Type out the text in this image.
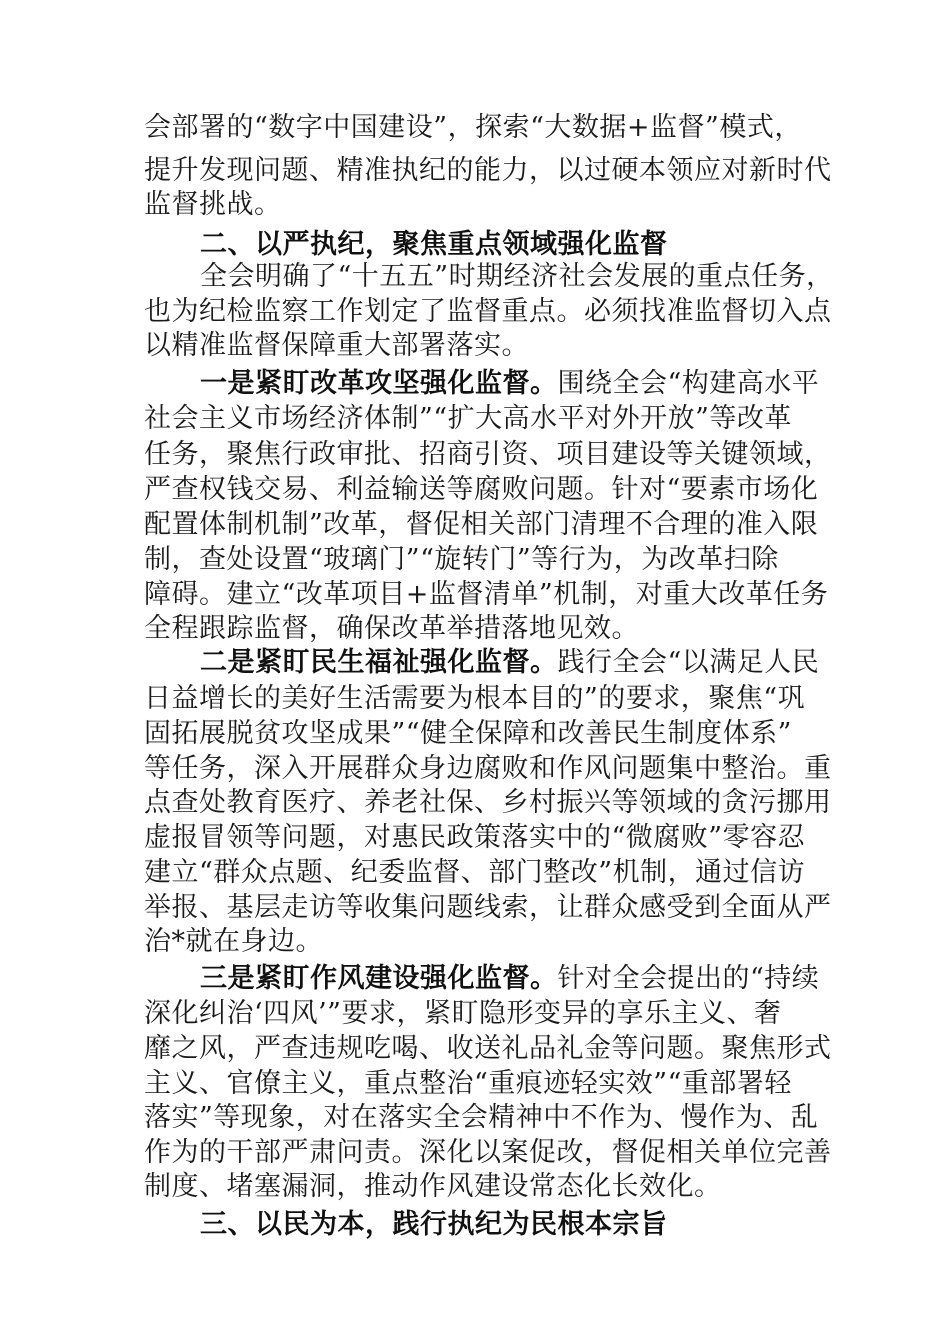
会部署的“数字中国建设”，探索“大数据+监督”模式，
提升发现问题、精准执纪的能力，以过硬本领应对新时代
监督挑战。
二、以严执纪，聚焦重点领域强化监督
全会明确了“十五五”时期经济社会发展的重点任务，
也为纪检监察工作划定了监督重点。必须找准监督切入点
以精准监督保障重大部署落实。
一是紧盯改革攻坚强化监督。围绕全会“构建高水平
社会主义市场经济体制”“扩大高水平对外开放”等改革
任务，聚焦行政审批、招商引资、项目建设等关键领域，
严查权钱交易、利益输送等腐败问题。针对“要素市场化
配置体制机制”改革，督促相关部门清理不合理的准入限
制，查处设置“玻璃门”“旋转门”等行为，为改革扫除
障碍。建立“改革项目+监督清单”机制，对重大改革任务
全程跟踪监督，确保改革举措落地见效。
二是紧盯民生福祉强化监督。践行全会“以满足人民
日益增长的美好生活需要为根本目的”的要求，聚焦“巩
固拓展脱贫攻坚成果”“健全保障和改善民生制度体系”
等任务，深入开展群众身边腐败和作风问题集中整治。重
点查处教育医疗、养老社保、乡村振兴等领域的贪污挪用
虚报冒领等问题，对惠民政策落实中的“微腐败”零容忍
建立“群众点题、纪委监督、部门整改”机制，通过信访
举报、基层走访等收集问题线索，让群众感受到全面从严
治*就在身边。
三是紧盯作风建设强化监督。针对全会提出的“持续
深化纠治‘四风’”要求，紧盯隐形变异的享乐主义、奢
靡之风，严查违规吃喝、收送礼品礼金等问题。聚焦形式
主义、官僚主义，重点整治“重痕迹轻实效”“重部署轻
落实”等现象，对在落实全会精神中不作为、慢作为、乱
作为的干部严肃问责。深化以案促改，督促相关单位完善
制度、堵塞漏洞，推动作风建设常态化长效化。
三、以民为本，践行执纪为民根本宗旨
